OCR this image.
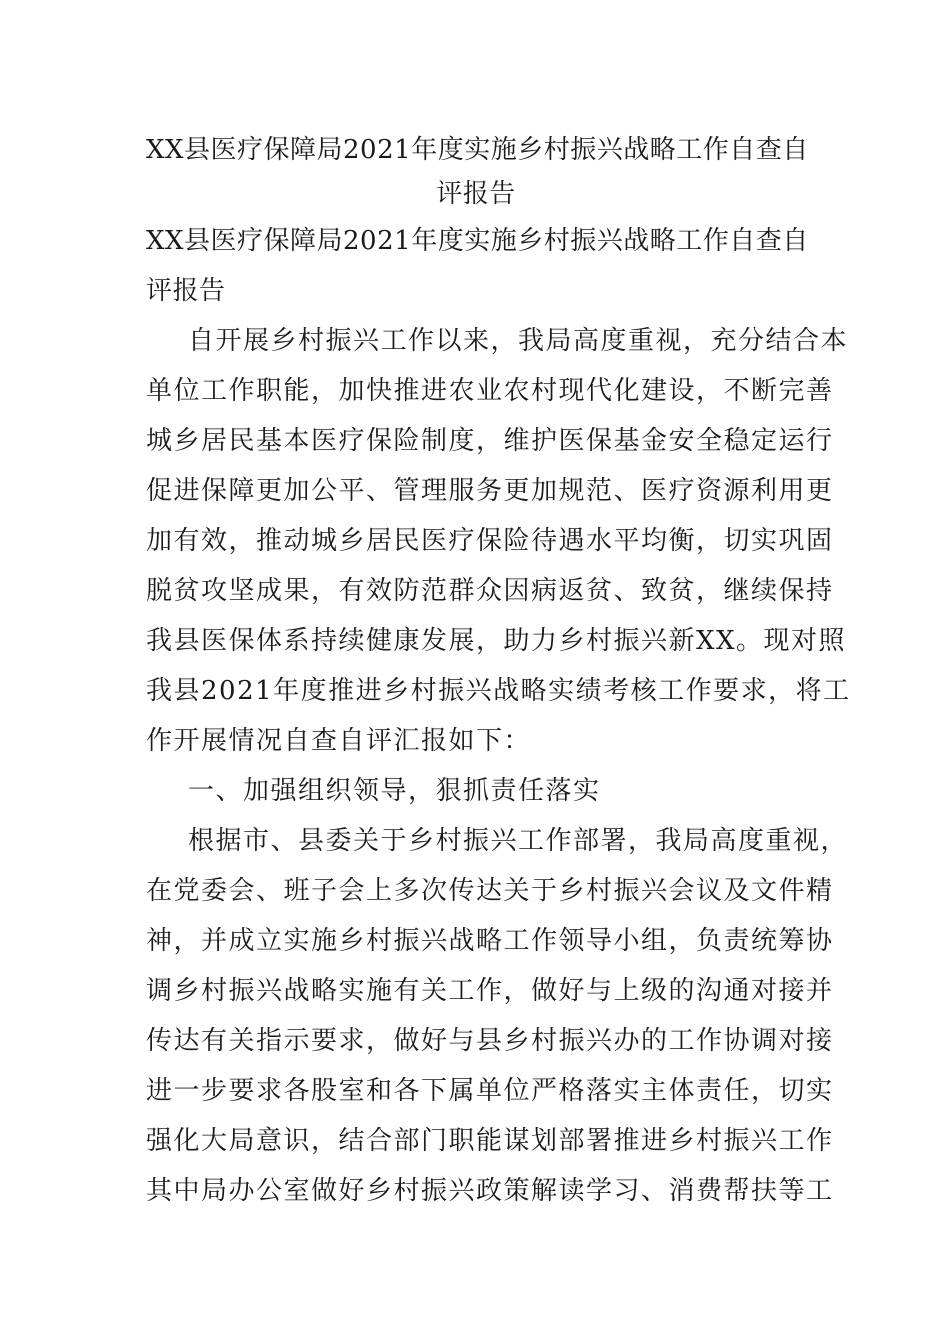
XX县医疗保障局2021年度实施乡村振兴战略工作自查自
评报告
XX县医疗保障局2021年度实施乡村振兴战略工作自查自
评报告
自开展乡村振兴工作以来，我局高度重视，充分结合本
单位工作职能，加快推进农业农村现代化建设，不断完善
城乡居民基本医疗保险制度，维护医保基金安全稳定运行
促进保障更加公平、管理服务更加规范、医疗资源利用更
加有效，推动城乡居民医疗保险待遇水平均衡，切实巩固
脱贫攻坚成果，有效防范群众因病返贫、致贫，继续保持
我县医保体系持续健康发展，助力乡村振兴新XX。现对照
我县2021年度推进乡村振兴战略实绩考核工作要求，将工
作开展情况自查自评汇报如下：
一、加强组织领导，狠抓责任落实
根据市、县委关于乡村振兴工作部署，我局高度重视，
在党委会、班子会上多次传达关于乡村振兴会议及文件精
神，并成立实施乡村振兴战略工作领导小组，负责统筹协
调乡村振兴战略实施有关工作，做好与上级的沟通对接并
传达有关指示要求，做好与县乡村振兴办的工作协调对接
进一步要求各股室和各下属单位严格落实主体责任，切实
强化大局意识，结合部门职能谋划部署推进乡村振兴工作
其中局办公室做好乡村振兴政策解读学习、消费帮扶等工
